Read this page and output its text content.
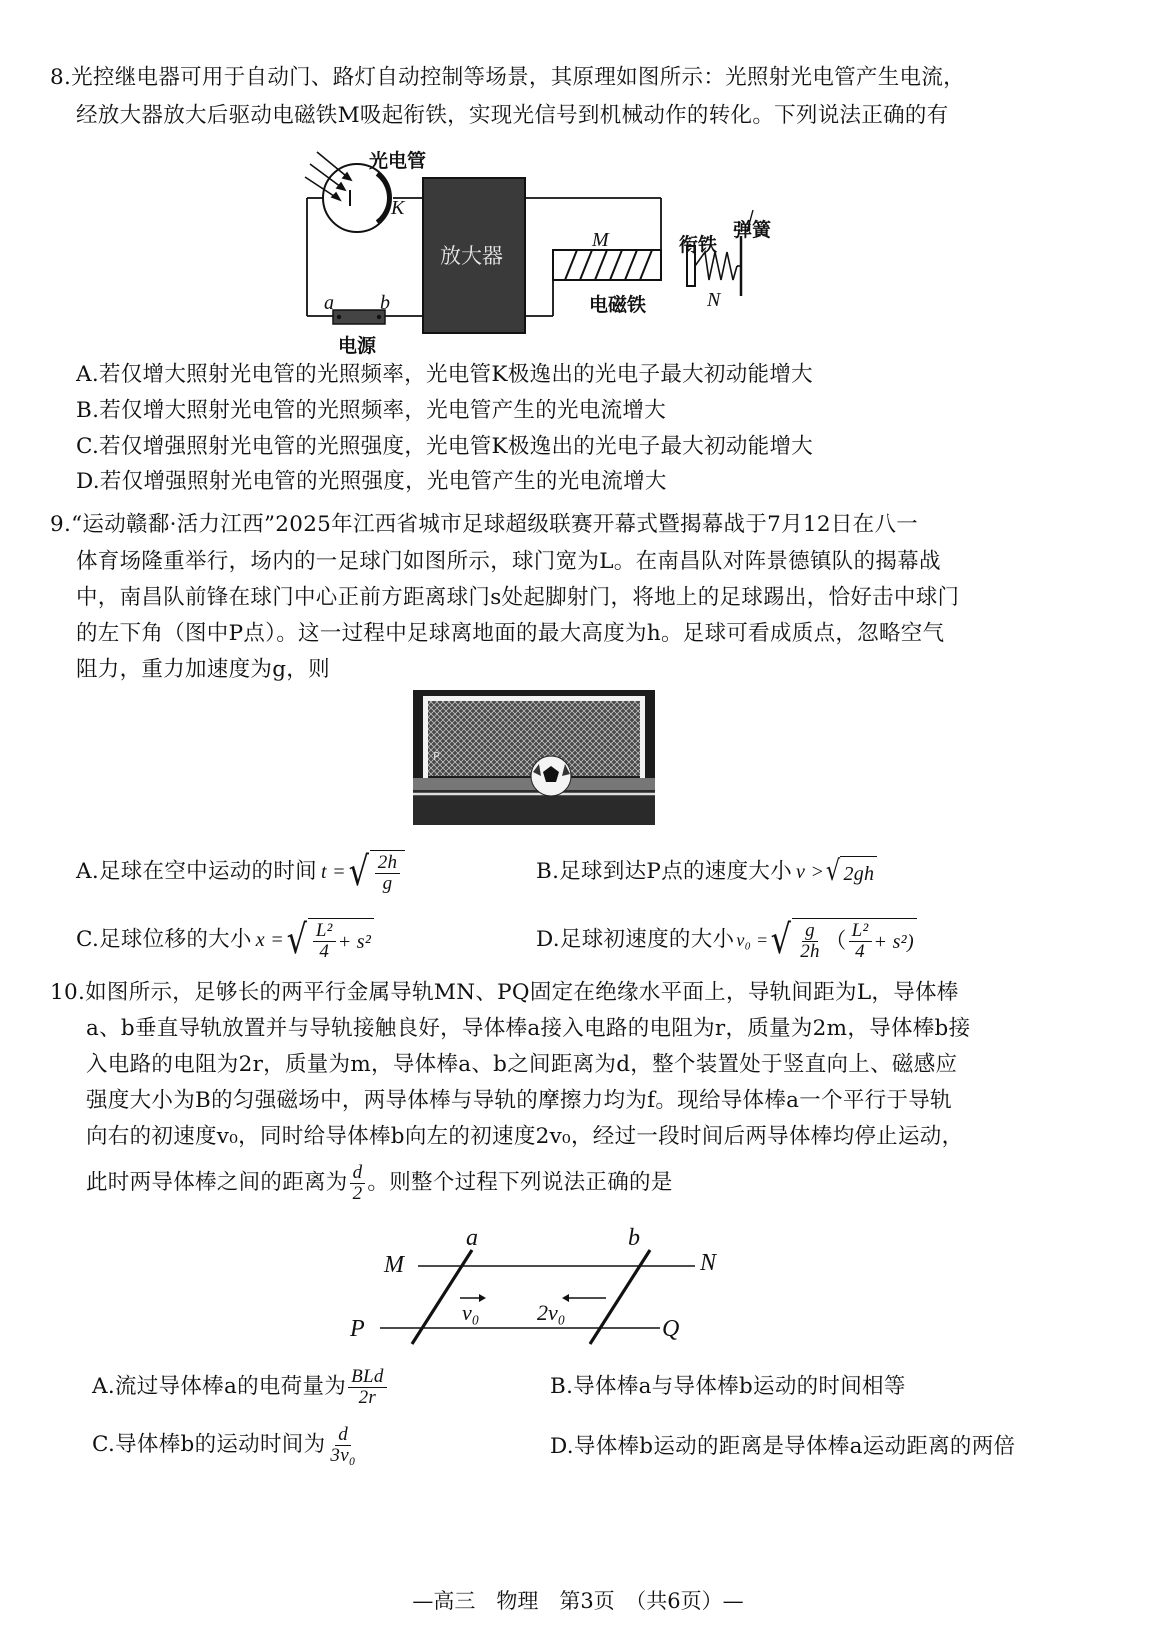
8.光控继电器可用于自动门、路灯自动控制等场景，其原理如图所示：光照射光电管产生电流，
经放大器放大后驱动电磁铁M吸起衔铁，实现光信号到机械动作的转化。下列说法正确的有
光电管
K
放大器
M	衔铁
弹簧
电磁铁	N
a b
电源
A.若仅增大照射光电管的光照频率，光电管K极逸出的光电子最大初动能增大
B.若仅增大照射光电管的光照频率，光电管产生的光电流增大
C.若仅增强照射光电管的光照强度，光电管K极逸出的光电子最大初动能增大
D.若仅增强照射光电管的光照强度，光电管产生的光电流增大
9.“运动赣鄱·活力江西”2025年江西省城市足球超级联赛开幕式暨揭幕战于7月12日在八一
体育场隆重举行，场内的一足球门如图所示，球门宽为L。在南昌队对阵景德镇队的揭幕战
中，南昌队前锋在球门中心正前方距离球门s处起脚射门，将地上的足球踢出，恰好击中球门
的左下角（图中P点）。这一过程中足球离地面的最大高度为h。足球可看成质点，忽略空气
阻力，重力加速度为g，则
P
A.足球在空中运动的时间 t = √ $\frac{2h}{g}$	B.足球到达P点的速度大小 v > √ 2gh
C.足球位移的大小 x = √ $\frac{\text{L²}}{4} + s^2$	D.足球初速度的大小 v₀ = √ $\frac{g}{2h}$ （ $\frac{\text{L²}}{4} + s^2$)
10.如图所示，足够长的两平行金属导轨MN、PQ固定在绝缘水平面上，导轨间距为L，导体棒
a、b垂直导轨放置并与导轨接触良好，导体棒a接入电路的电阻为r，质量为2m，导体棒b接
入电路的电阻为2r，质量为m，导体棒a、b之间距离为d，整个装置处于竖直向上、磁感应
强度大小为B的匀强磁场中，两导体棒与导轨的摩擦力均为f。现给导体棒a一个平行于导轨
向右的初速度v₀，同时给导体棒b向左的初速度2v₀，经过一段时间后两导体棒均停止运动，
此时两导体棒之间的距离为 $\frac{d}{2}$ 。则整个过程下列说法正确的是
a	b
M	N
P	Q
v₀	2v₀
A.流过导体棒a的电荷量为 $\frac{\text{BLd}}{2r}$	B.导体棒a与导体棒b运动的时间相等
C.导体棒b的运动时间为 $\frac{d}{\text{3v₀}}$	D.导体棒b运动的距离是导体棒a运动距离的两倍
—高三　物理　第3页　（共6页）—
